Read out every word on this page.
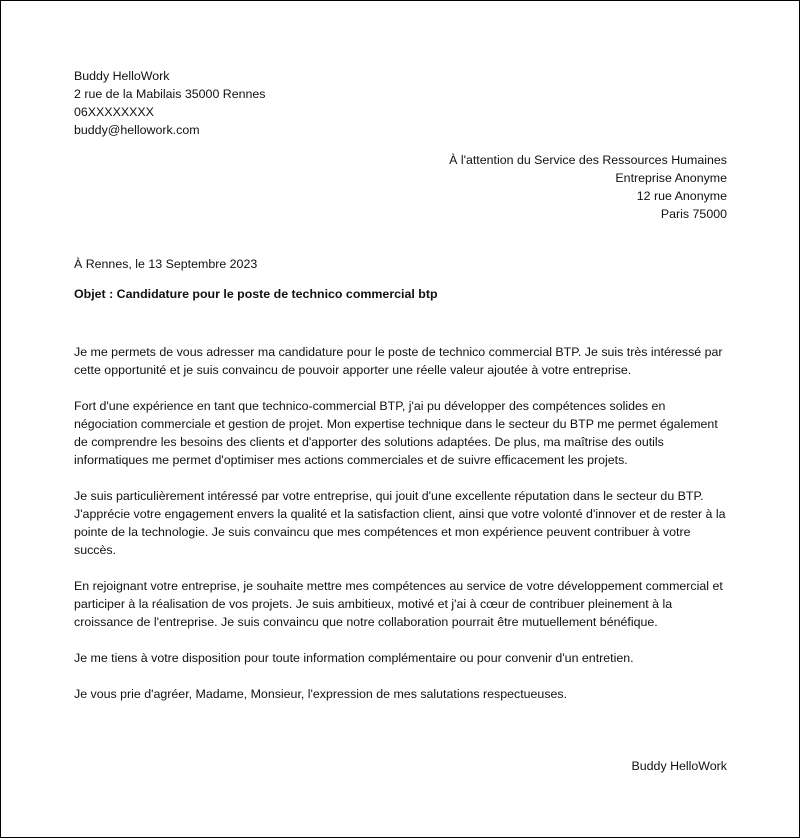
Buddy HelloWork
2 rue de la Mabilais 35000 Rennes
06XXXXXXXX
buddy@hellowork.com
À l'attention du Service des Ressources Humaines
Entreprise Anonyme
12 rue Anonyme
Paris 75000
À Rennes, le 13 Septembre 2023
Objet : Candidature pour le poste de technico commercial btp

Je me permets de vous adresser ma candidature pour le poste de technico commercial BTP. Je suis très intéressé par cette opportunité et je suis convaincu de pouvoir apporter une réelle valeur ajoutée à votre entreprise.

Fort d'une expérience en tant que technico-commercial BTP, j'ai pu développer des compétences solides en négociation commerciale et gestion de projet. Mon expertise technique dans le secteur du BTP me permet également de comprendre les besoins des clients et d'apporter des solutions adaptées. De plus, ma maîtrise des outils informatiques me permet d'optimiser mes actions commerciales et de suivre efficacement les projets.

Je suis particulièrement intéressé par votre entreprise, qui jouit d'une excellente réputation dans le secteur du BTP. J'apprécie votre engagement envers la qualité et la satisfaction client, ainsi que votre volonté d'innover et de rester à la pointe de la technologie. Je suis convaincu que mes compétences et mon expérience peuvent contribuer à votre succès.

En rejoignant votre entreprise, je souhaite mettre mes compétences au service de votre développement commercial et participer à la réalisation de vos projets. Je suis ambitieux, motivé et j'ai à cœur de contribuer pleinement à la croissance de l'entreprise. Je suis convaincu que notre collaboration pourrait être mutuellement bénéfique.

Je me tiens à votre disposition pour toute information complémentaire ou pour convenir d'un entretien.

Je vous prie d'agréer, Madame, Monsieur, l'expression de mes salutations respectueuses.

Buddy HelloWork
